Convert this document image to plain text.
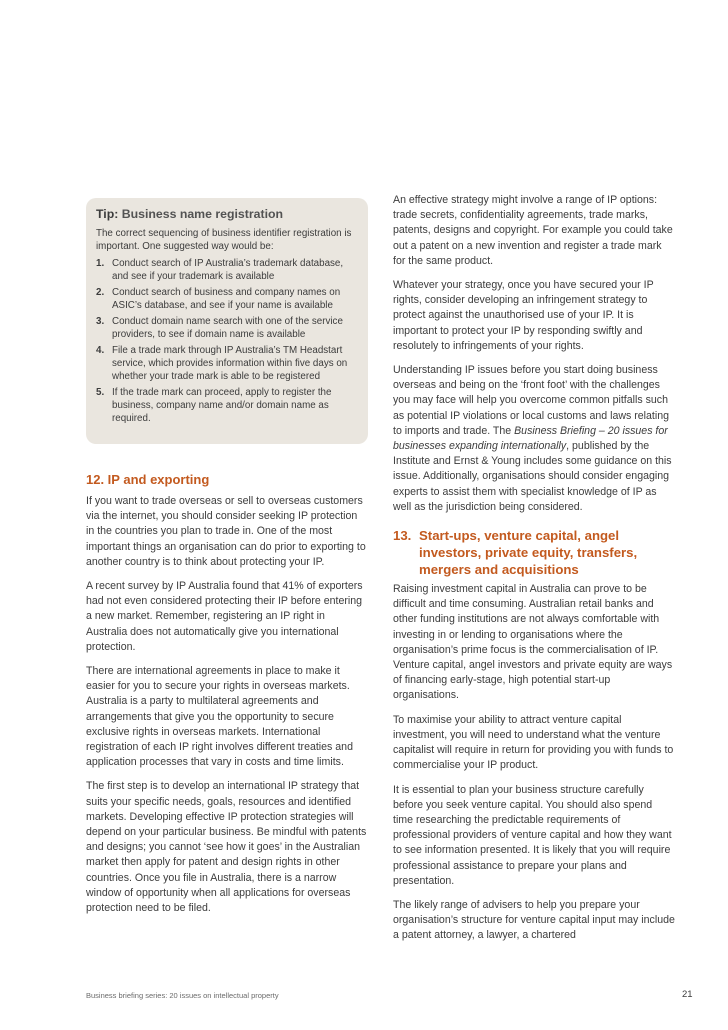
Tip: Business name registration
The correct sequencing of business identifier registration is important. One suggested way would be:
1. Conduct search of IP Australia’s trademark database, and see if your trademark is available
2. Conduct search of business and company names on ASIC’s database, and see if your name is available
3. Conduct domain name search with one of the service providers, to see if domain name is available
4. File a trade mark through IP Australia’s TM Headstart service, which provides information within five days on whether your trade mark is able to be registered
5. If the trade mark can proceed, apply to register the business, company name and/or domain name as required.
12. IP and exporting

If you want to trade overseas or sell to overseas customers via the internet, you should consider seeking IP protection in the countries you plan to trade in. One of the most important things an organisation can do prior to exporting to another country is to think about protecting your IP.

A recent survey by IP Australia found that 41% of exporters had not even considered protecting their IP before entering a new market. Remember, registering an IP right in Australia does not automatically give you international protection.

There are international agreements in place to make it easier for you to secure your rights in overseas markets. Australia is a party to multilateral agreements and arrangements that give you the opportunity to secure exclusive rights in overseas markets. International registration of each IP right involves different treaties and application processes that vary in costs and time limits.

The first step is to develop an international IP strategy that suits your specific needs, goals, resources and identified markets. Developing effective IP protection strategies will depend on your particular business. Be mindful with patents and designs; you cannot ‘see how it goes’ in the Australian market then apply for patent and design rights in other countries. Once you file in Australia, there is a narrow window of opportunity when all applications for overseas protection need to be filed.

An effective strategy might involve a range of IP options: trade secrets, confidentiality agreements, trade marks, patents, designs and copyright. For example you could take out a patent on a new invention and register a trade mark for the same product.

Whatever your strategy, once you have secured your IP rights, consider developing an infringement strategy to protect against the unauthorised use of your IP. It is important to protect your IP by responding swiftly and resolutely to infringements of your rights.

Understanding IP issues before you start doing business overseas and being on the ‘front foot’ with the challenges you may face will help you overcome common pitfalls such as potential IP violations or local customs and laws relating to imports and trade. The Business Briefing – 20 issues for businesses expanding internationally, published by the Institute and Ernst & Young includes some guidance on this issue. Additionally, organisations should consider engaging experts to assist them with specialist knowledge of IP as well as the jurisdiction being considered.

13. Start-ups, venture capital, angel investors, private equity, transfers, mergers and acquisitions

Raising investment capital in Australia can prove to be difficult and time consuming. Australian retail banks and other funding institutions are not always comfortable with investing in or lending to organisations where the organisation’s prime focus is the commercialisation of IP. Venture capital, angel investors and private equity are ways of financing early-stage, high potential start-up organisations.

To maximise your ability to attract venture capital investment, you will need to understand what the venture capitalist will require in return for providing you with funds to commercialise your IP product.

It is essential to plan your business structure carefully before you seek venture capital. You should also spend time researching the predictable requirements of professional providers of venture capital and how they want to see information presented. It is likely that you will require professional assistance to prepare your plans and presentation.

The likely range of advisers to help you prepare your organisation’s structure for venture capital input may include a patent attorney, a lawyer, a chartered

Business briefing series: 20 issues on intellectual property	21
